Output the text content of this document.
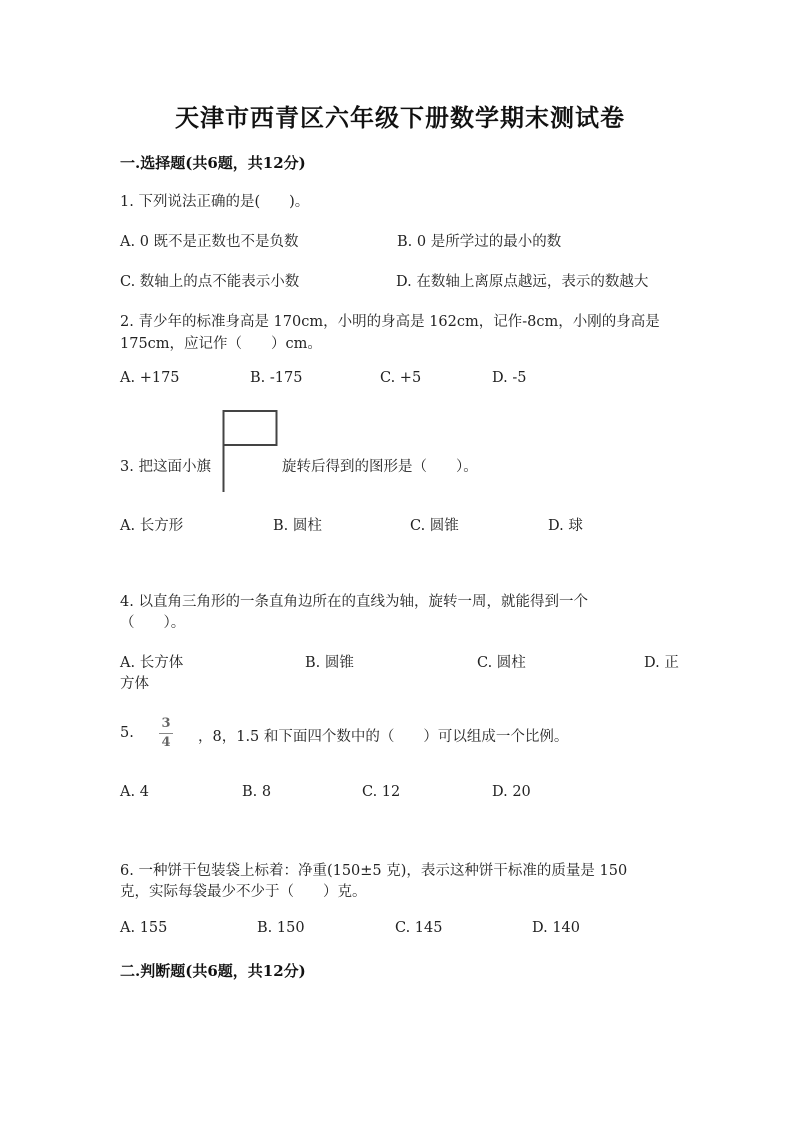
天津市西青区六年级下册数学期末测试卷
一.选择题(共6题，共12分)
1. 下列说法正确的是(　　)。
A. 0 既不是正数也不是负数	B. 0 是所学过的最小的数
C. 数轴上的点不能表示小数	D. 在数轴上离原点越远，表示的数越大
2. 青少年的标准身高是 170cm，小明的身高是 162cm，记作-8cm，小刚的身高是
175cm，应记作（　　）cm。
A. +175	B. -175	C. +5	D. -5
3. 把这面小旗	旋转后得到的图形是（　　）。
A. 长方形	B. 圆柱	C. 圆锥	D. 球
4. 以直角三角形的一条直角边所在的直线为轴，旋转一周，就能得到一个
（　　）。
A. 长方体	B. 圆锥	C. 圆柱	D. 正
方体
5.
3
4	，8，1.5 和下面四个数中的（　　）可以组成一个比例。
A. 4	B. 8	C. 12	D. 20
6. 一种饼干包装袋上标着：净重(150±5 克)，表示这种饼干标准的质量是 150
克，实际每袋最少不少于（　　）克。
A. 155	B. 150	C. 145	D. 140
二.判断题(共6题，共12分)
